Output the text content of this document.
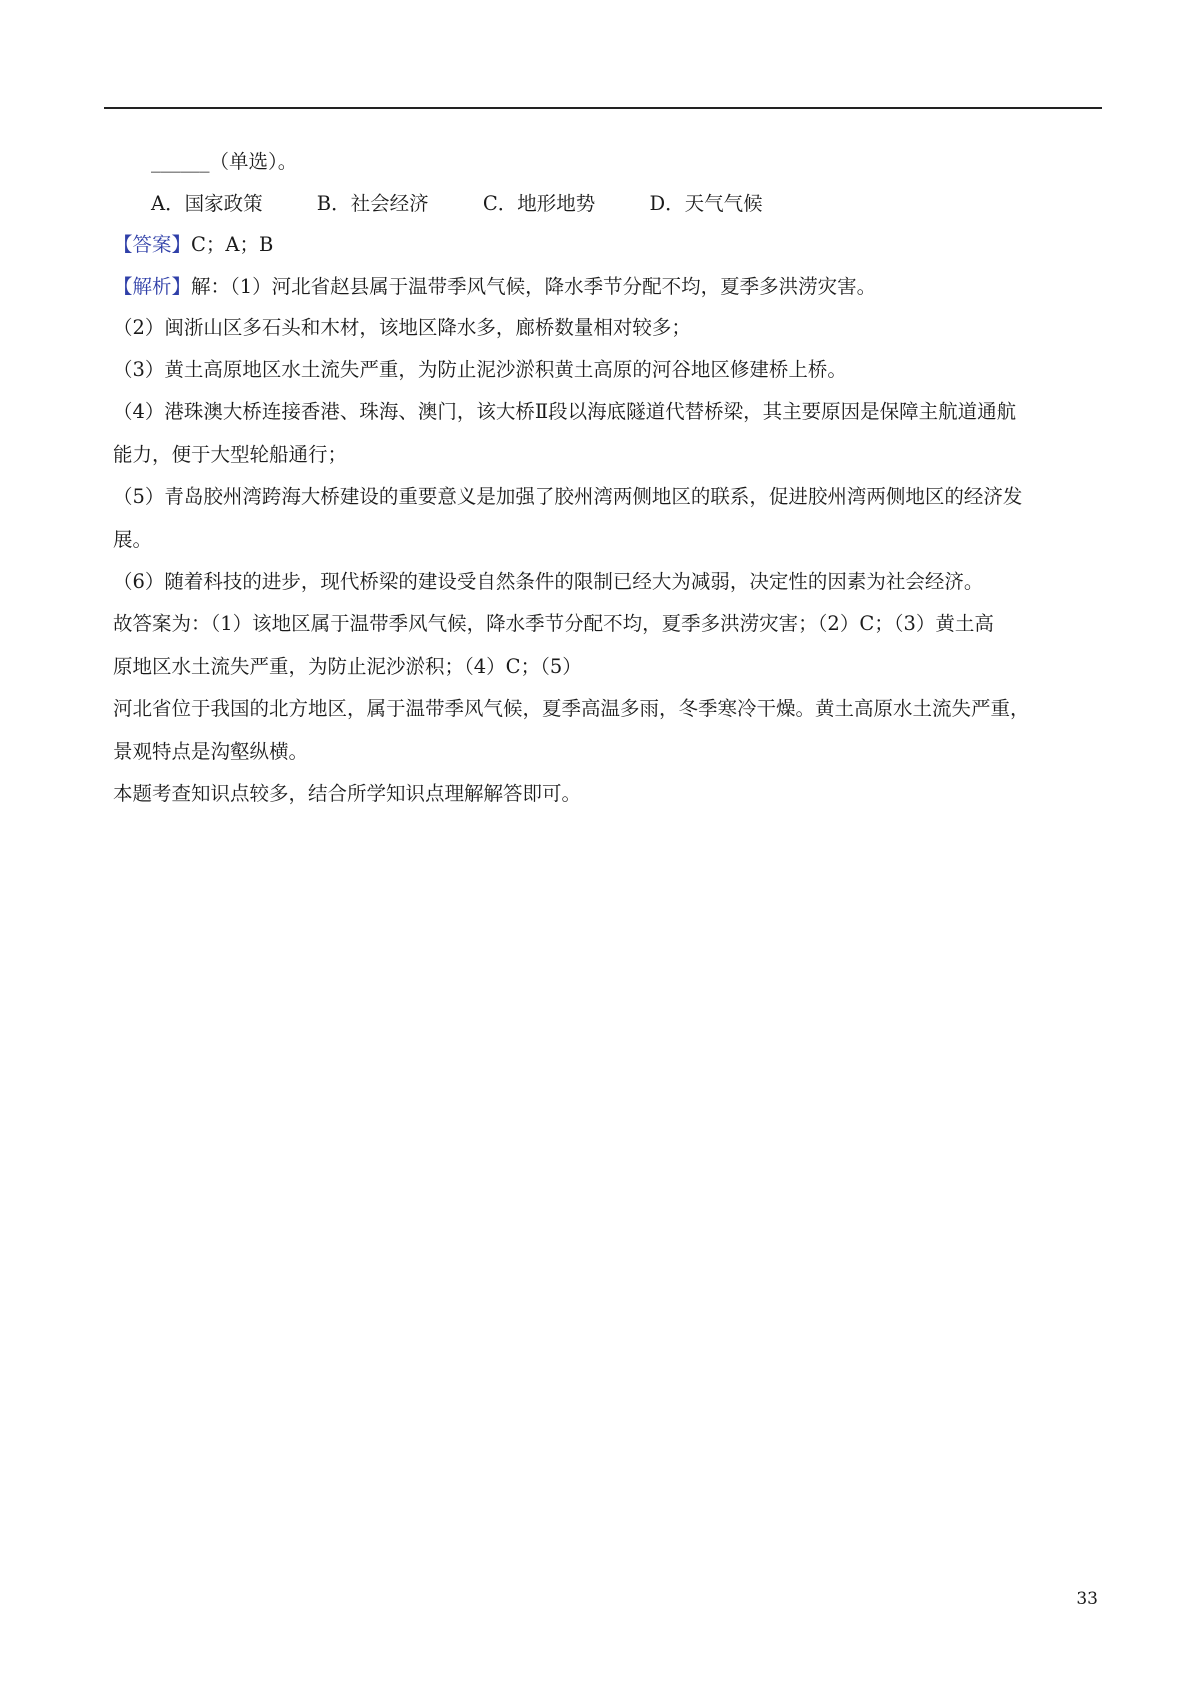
______（单选）。
A．国家政策	B．社会经济	C．地形地势	D．天气气候
【答案】C；A；B
【解析】解：（1）河北省赵县属于温带季风气候，降水季节分配不均，夏季多洪涝灾害。
（2）闽浙山区多石头和木材，该地区降水多，廊桥数量相对较多；
（3）黄土高原地区水土流失严重，为防止泥沙淤积黄土高原的河谷地区修建桥上桥。
（4）港珠澳大桥连接香港、珠海、澳门，该大桥Ⅱ段以海底隧道代替桥梁，其主要原因是保障主航道通航
能力，便于大型轮船通行；
（5）青岛胶州湾跨海大桥建设的重要意义是加强了胶州湾两侧地区的联系，促进胶州湾两侧地区的经济发
展。
（6）随着科技的进步，现代桥梁的建设受自然条件的限制已经大为减弱，决定性的因素为社会经济。
故答案为：（1）该地区属于温带季风气候，降水季节分配不均，夏季多洪涝灾害；（2）C；（3）黄土高
原地区水土流失严重，为防止泥沙淤积；（4）C；（5）
河北省位于我国的北方地区，属于温带季风气候，夏季高温多雨，冬季寒冷干燥。黄土高原水土流失严重，
景观特点是沟壑纵横。
本题考查知识点较多，结合所学知识点理解解答即可。
33
